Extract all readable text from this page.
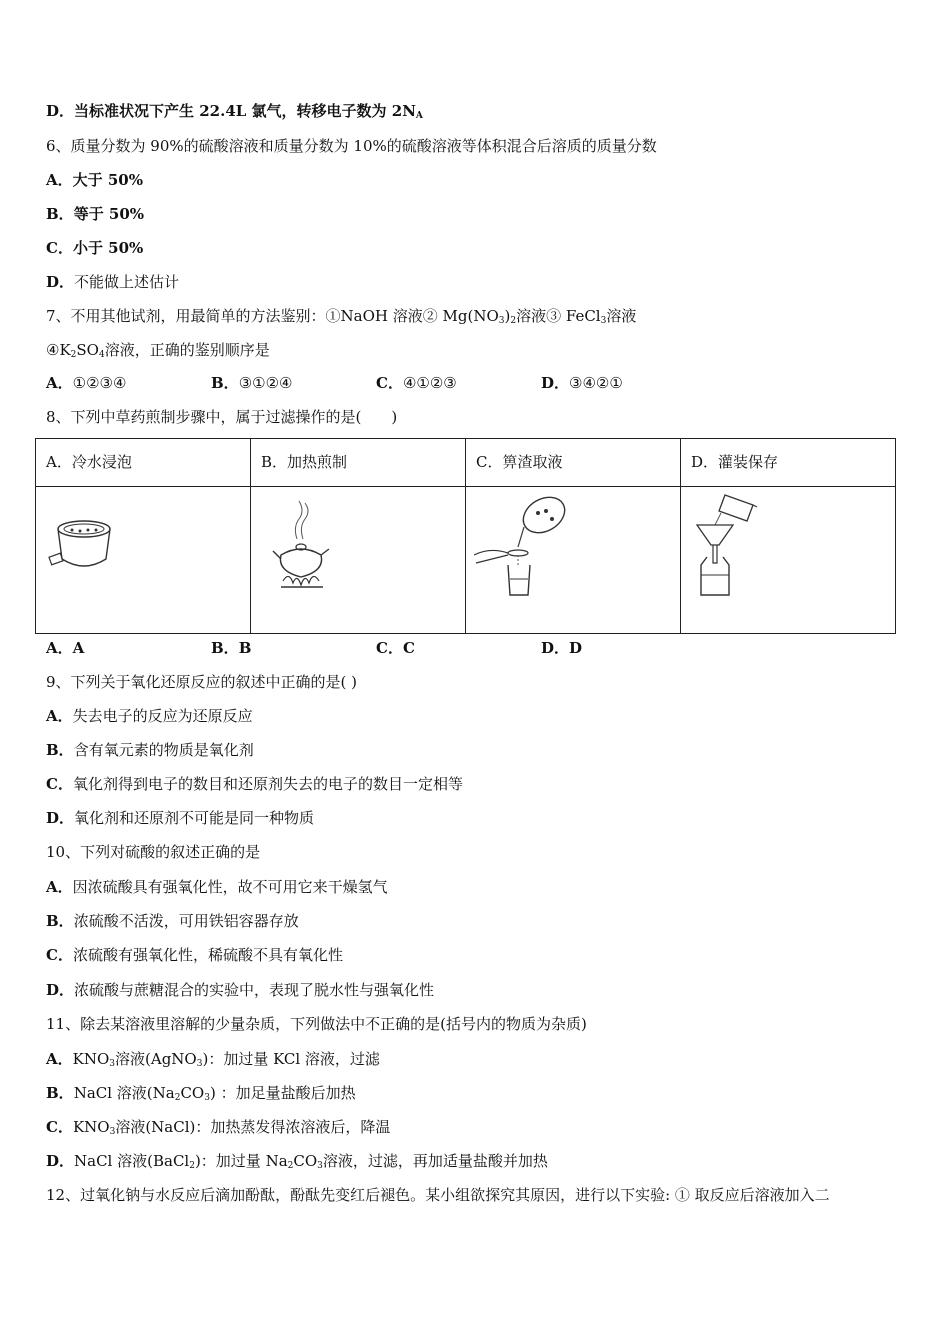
D．当标准状况下产生 22.4L 氯气，转移电子数为 $2N_A$
6、质量分数为 90%的硫酸溶液和质量分数为 10%的硫酸溶液等体积混合后溶质的质量分数
A．大于 50%
B．等于 50%
C．小于 50%
D．不能做上述估计
7、不用其他试剂，用最简单的方法鉴别：①NaOH 溶液② $Mg(NO_3)_2$溶液③ FeCl$_3$溶液
$④K_2SO_4$溶液，正确的鉴别顺序是
A．①②③④	B．③①②④	C．④①②③	D．③④②①
8、下列中草药煎制步骤中，属于过滤操作的是(　　)
A．冷水浸泡	B．加热煎制	C．箅渣取液	D．灌装保存

A．A	B．B	C．C	D．D
9、下列关于氧化还原反应的叙述中正确的是( )
A．失去电子的反应为还原反应
B．含有氧元素的物质是氧化剂
C．氧化剂得到电子的数目和还原剂失去的电子的数目一定相等
D．氧化剂和还原剂不可能是同一种物质
10、下列对硫酸的叙述正确的是
A．因浓硫酸具有强氧化性，故不可用它来干燥氢气
B．浓硫酸不活泼，可用铁铝容器存放
C．浓硫酸有强氧化性，稀硫酸不具有氧化性
D．浓硫酸与蔗糖混合的实验中，表现了脱水性与强氧化性
11、除去某溶液里溶解的少量杂质，下列做法中不正确的是(括号内的物质为杂质)
A．$KNO_3$溶液(AgNO$_3$)：加过量 KCl 溶液，过滤
B．NaCl 溶液$(Na_2CO_3)$ ：加足量盐酸后加热
C．$KNO_3$溶液(NaCl)：加热蒸发得浓溶液后，降温
D．NaCl 溶液(BaCl$_2$)：加过量 $Na_2CO_3$溶液，过滤，再加适量盐酸并加热
12、过氧化钠与水反应后滴加酚酞，酚酞先变红后褪色。某小组欲探究其原因，进行以下实验: ① 取反应后溶液加入二
